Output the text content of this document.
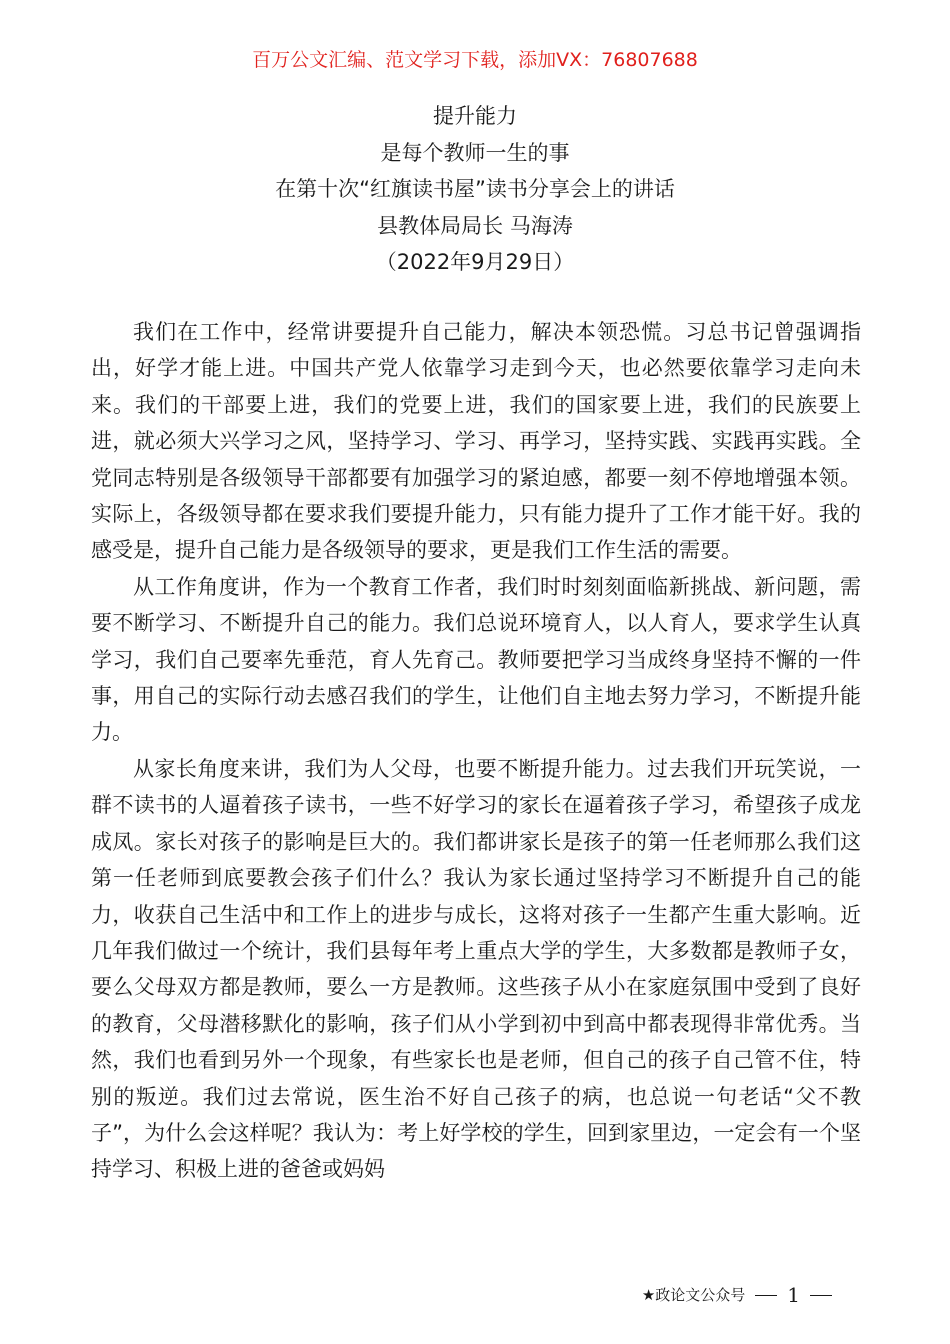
百万公文汇编、范文学习下载，添加VX：76807688
提升能力
是每个教师一生的事
在第十次“红旗读书屋”读书分享会上的讲话
县教体局局长 马海涛
（2022年9月29日）

我们在工作中，经常讲要提升自己能力，解决本领恐慌。习总书记曾强调指出，好学才能上进。中国共产党人依靠学习走到今天，也必然要依靠学习走向未来。我们的干部要上进，我们的党要上进，我们的国家要上进，我们的民族要上进，就必须大兴学习之风，坚持学习、学习、再学习，坚持实践、实践再实践。全党同志特别是各级领导干部都要有加强学习的紧迫感，都要一刻不停地增强本领。实际上，各级领导都在要求我们要提升能力，只有能力提升了工作才能干好。我的感受是，提升自己能力是各级领导的要求，更是我们工作生活的需要。

从工作角度讲，作为一个教育工作者，我们时时刻刻面临新挑战、新问题，需要不断学习、不断提升自己的能力。我们总说环境育人，以人育人，要求学生认真学习，我们自己要率先垂范，育人先育己。教师要把学习当成终身坚持不懈的一件事，用自己的实际行动去感召我们的学生，让他们自主地去努力学习，不断提升能力。

从家长角度来讲，我们为人父母，也要不断提升能力。过去我们开玩笑说，一群不读书的人逼着孩子读书，一些不好学习的家长在逼着孩子学习，希望孩子成龙成凤。家长对孩子的影响是巨大的。我们都讲家长是孩子的第一任老师那么我们这第一任老师到底要教会孩子们什么？我认为家长通过坚持学习不断提升自己的能力，收获自己生活中和工作上的进步与成长，这将对孩子一生都产生重大影响。近几年我们做过一个统计，我们县每年考上重点大学的学生，大多数都是教师子女，要么父母双方都是教师，要么一方是教师。这些孩子从小在家庭氛围中受到了良好的教育，父母潜移默化的影响，孩子们从小学到初中到高中都表现得非常优秀。当然，我们也看到另外一个现象，有些家长也是老师，但自己的孩子自己管不住，特别的叛逆。我们过去常说，医生治不好自己孩子的病，也总说一句老话“父不教子”，为什么会这样呢？我认为：考上好学校的学生，回到家里边，一定会有一个坚持学习、积极上进的爸爸或妈妈

★政论文公众号 1
